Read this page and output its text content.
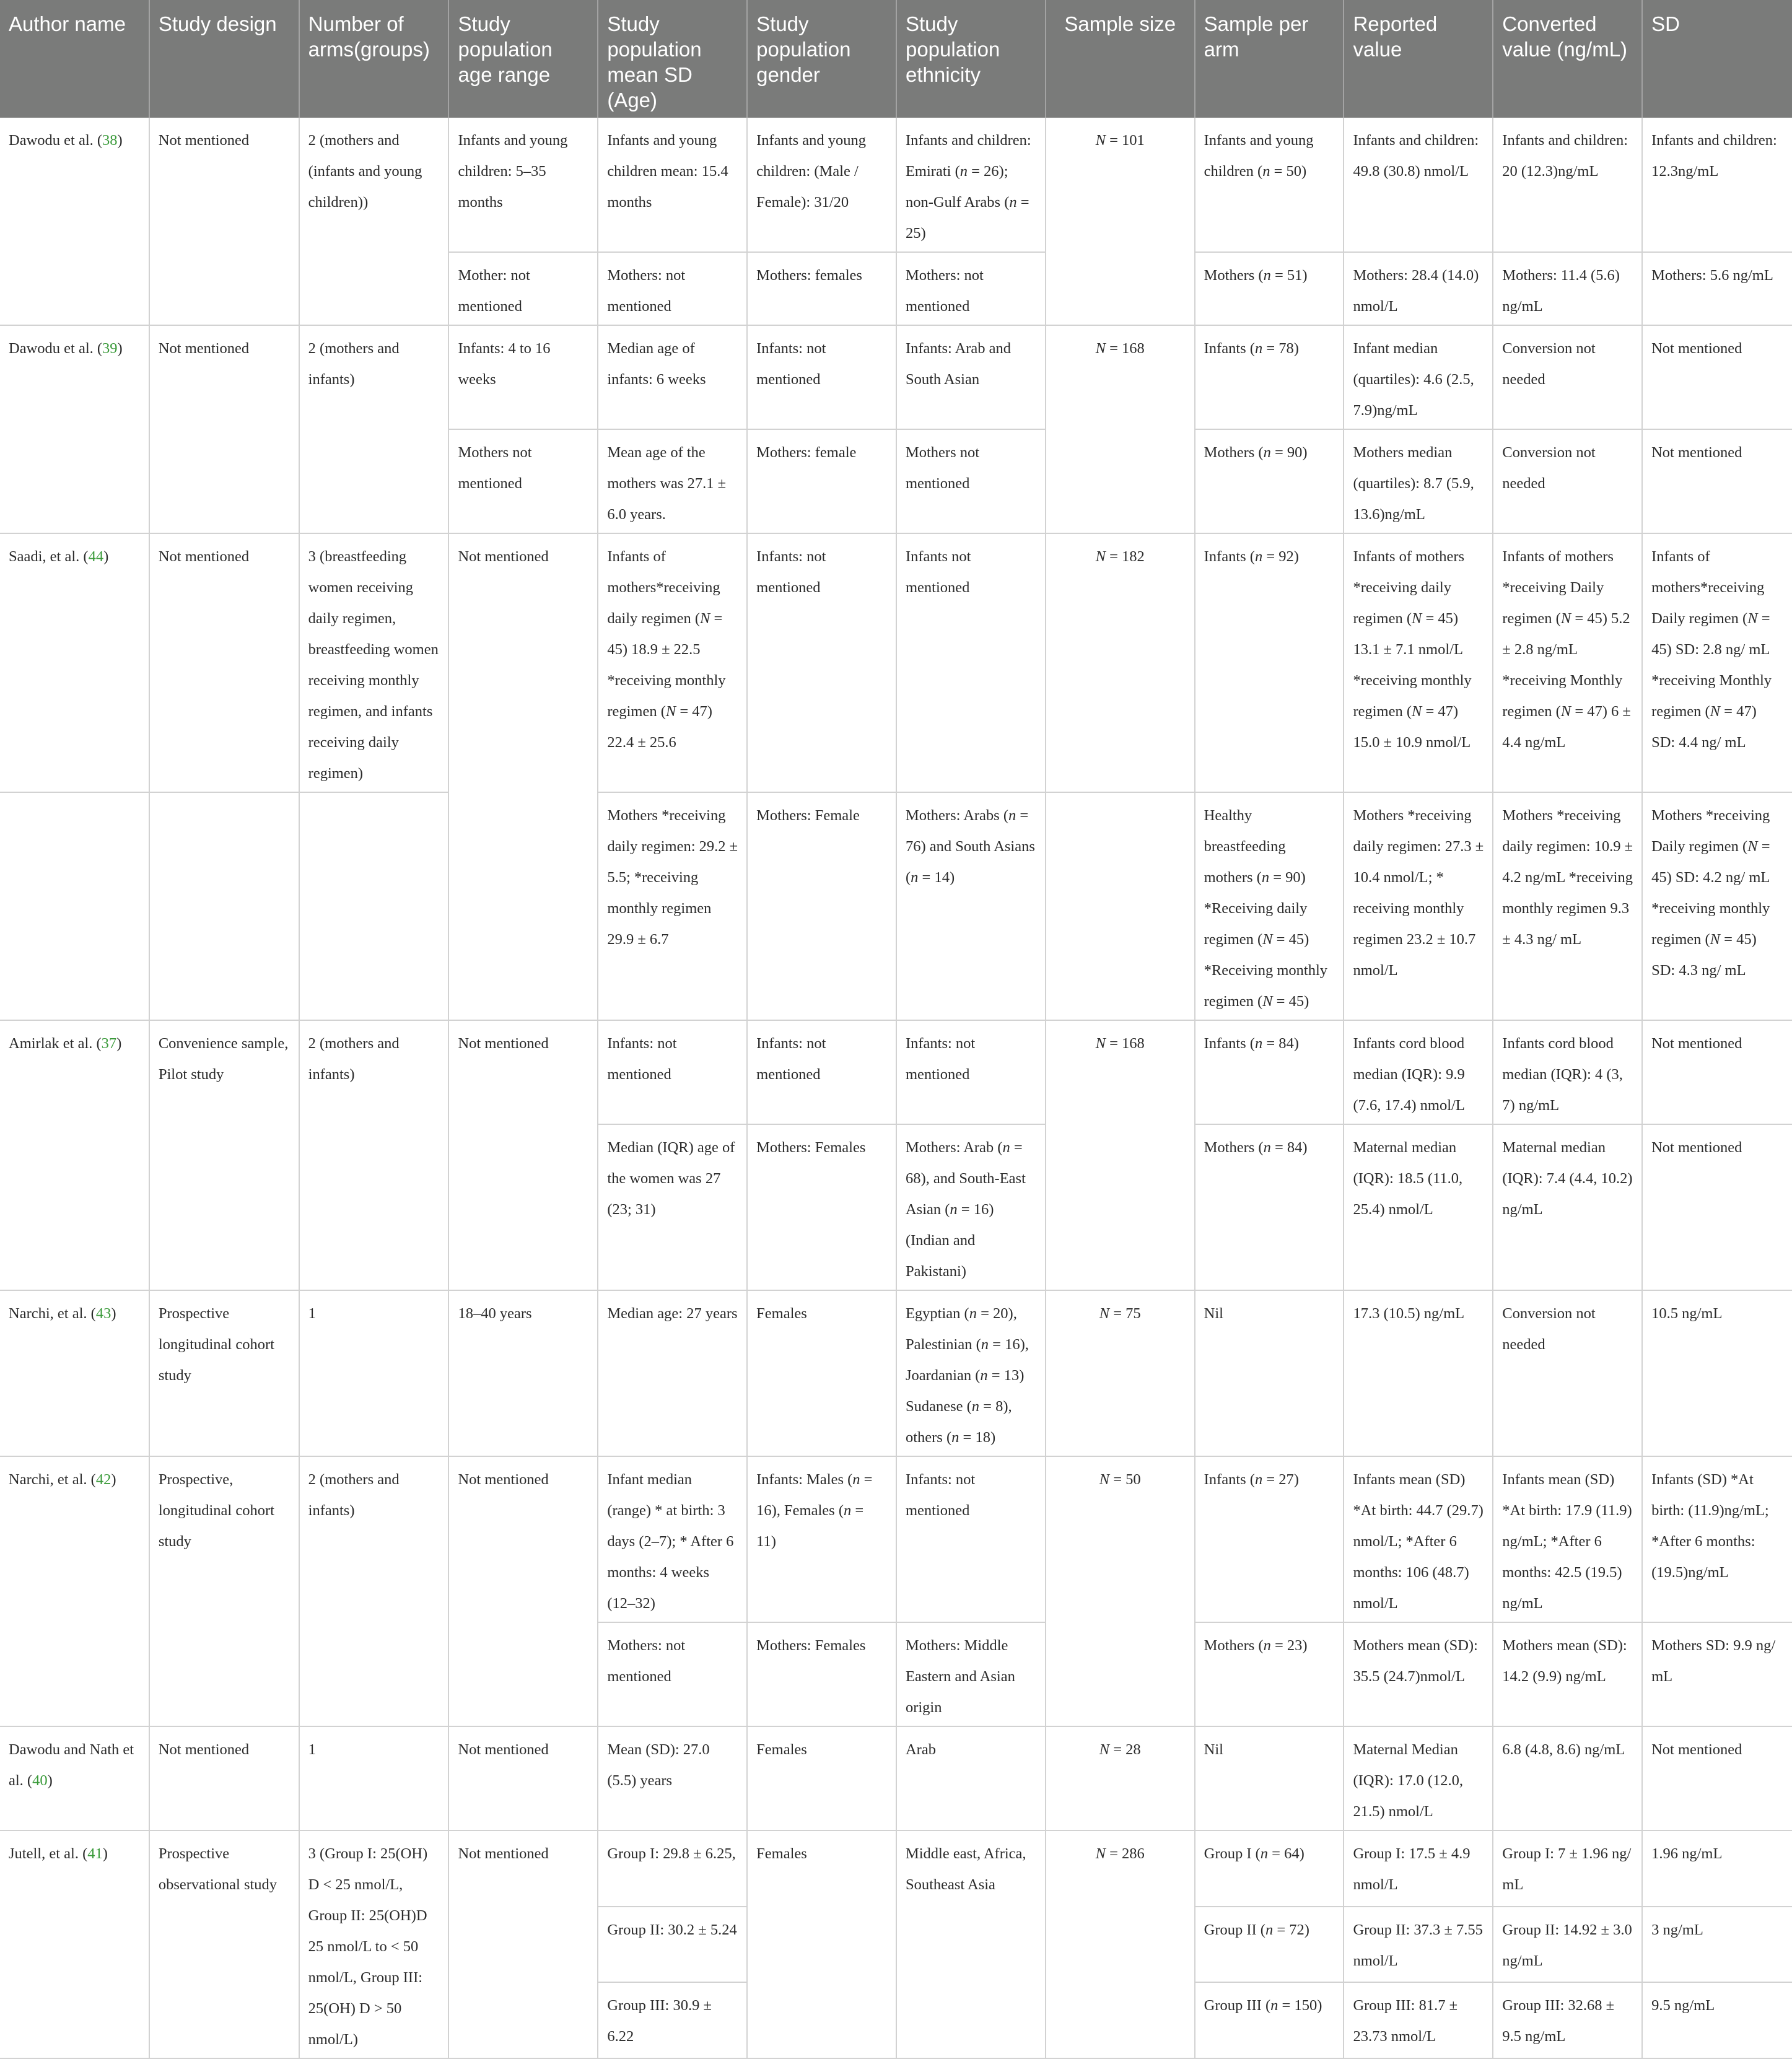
Author name	Study design	Number of arms(groups)	Study population age range	Study population mean SD (Age)	Study population gender	Study population ethnicity	Sample size	Sample per arm	Reported value	Converted value (ng/mL)	SD
Dawodu et al. (38)	Not mentioned	2 (mothers and (infants and young children))	Infants and young children: 5–35 months	Infants and young children mean: 15.4 months	Infants and young children: (Male / Female): 31/20	Infants and children: Emirati (n = 26); non-Gulf Arabs (n = 25)	N = 101	Infants and young children (n = 50)	Infants and children: 49.8 (30.8) nmol/L	Infants and children: 20 (12.3)ng/mL	Infants and children: 12.3ng/mL
			Mother: not mentioned	Mothers: not mentioned	Mothers: females	Mothers: not mentioned		Mothers (n = 51)	Mothers: 28.4 (14.0) nmol/L	Mothers: 11.4 (5.6) ng/mL	Mothers: 5.6 ng/mL
Dawodu et al. (39)	Not mentioned	2 (mothers and infants)	Infants: 4 to 16 weeks	Median age of infants: 6 weeks	Infants: not mentioned	Infants: Arab and South Asian	N = 168	Infants (n = 78)	Infant median (quartiles): 4.6 (2.5, 7.9)ng/mL	Conversion not needed	Not mentioned
			Mothers not mentioned	Mean age of the mothers was 27.1 ± 6.0 years.	Mothers: female	Mothers not mentioned		Mothers (n = 90)	Mothers median (quartiles): 8.7 (5.9, 13.6)ng/mL	Conversion not needed	Not mentioned
Saadi, et al. (44)	Not mentioned	3 (breastfeeding women receiving daily regimen, breastfeeding women receiving monthly regimen, and infants receiving daily regimen)	Not mentioned	Infants of mothers*receiving daily regimen (N = 45) 18.9 ± 22.5 *receiving monthly regimen (N = 47) 22.4 ± 25.6	Infants: not mentioned	Infants not mentioned	N = 182	Infants (n = 92)	Infants of mothers *receiving daily regimen (N = 45) 13.1 ± 7.1 nmol/L *receiving monthly regimen (N = 47) 15.0 ± 10.9 nmol/L	Infants of mothers *receiving Daily regimen (N = 45) 5.2 ± 2.8 ng/mL *receiving Monthly regimen (N = 47) 6 ± 4.4 ng/mL	Infants of mothers*receiving Daily regimen (N = 45) SD: 2.8 ng/ mL *receiving Monthly regimen (N = 47) SD: 4.4 ng/ mL
				Mothers *receiving daily regimen: 29.2 ± 5.5; *receiving monthly regimen 29.9 ± 6.7	Mothers: Female	Mothers: Arabs (n = 76) and South Asians (n = 14)		Healthy breastfeeding mothers (n = 90) *Receiving daily regimen (N = 45) *Receiving monthly regimen (N = 45)	Mothers *receiving daily regimen: 27.3 ± 10.4 nmol/L; * receiving monthly regimen 23.2 ± 10.7 nmol/L	Mothers *receiving daily regimen: 10.9 ± 4.2 ng/mL *receiving monthly regimen 9.3 ± 4.3 ng/ mL	Mothers *receiving Daily regimen (N = 45) SD: 4.2 ng/ mL *receiving monthly regimen (N = 45) SD: 4.3 ng/ mL
Amirlak et al. (37)	Convenience sample, Pilot study	2 (mothers and infants)	Not mentioned	Infants: not mentioned	Infants: not mentioned	Infants: not mentioned	N = 168	Infants (n = 84)	Infants cord blood median (IQR): 9.9 (7.6, 17.4) nmol/L	Infants cord blood median (IQR): 4 (3, 7) ng/mL	Not mentioned
				Median (IQR) age of the women was 27 (23; 31)	Mothers: Females	Mothers: Arab (n = 68), and South-East Asian (n = 16) (Indian and Pakistani)		Mothers (n = 84)	Maternal median (IQR): 18.5 (11.0, 25.4) nmol/L	Maternal median (IQR): 7.4 (4.4, 10.2) ng/mL	Not mentioned
Narchi, et al. (43)	Prospective longitudinal cohort study	1	18–40 years	Median age: 27 years	Females	Egyptian (n = 20), Palestinian (n = 16), Joardanian (n = 13) Sudanese (n = 8), others (n = 18)	N = 75	Nil	17.3 (10.5) ng/mL	Conversion not needed	10.5 ng/mL
Narchi, et al. (42)	Prospective, longitudinal cohort study	2 (mothers and infants)	Not mentioned	Infant median (range) * at birth: 3 days (2–7); * After 6 months: 4 weeks (12–32)	Infants: Males (n = 16), Females (n = 11)	Infants: not mentioned	N = 50	Infants (n = 27)	Infants mean (SD) *At birth: 44.7 (29.7) nmol/L; *After 6 months: 106 (48.7) nmol/L	Infants mean (SD) *At birth: 17.9 (11.9) ng/mL; *After 6 months: 42.5 (19.5) ng/mL	Infants (SD) *At birth: (11.9)ng/mL; *After 6 months: (19.5)ng/mL
				Mothers: not mentioned	Mothers: Females	Mothers: Middle Eastern and Asian origin		Mothers (n = 23)	Mothers mean (SD): 35.5 (24.7)nmol/L	Mothers mean (SD): 14.2 (9.9) ng/mL	Mothers SD: 9.9 ng/ mL
Dawodu and Nath et al. (40)	Not mentioned	1	Not mentioned	Mean (SD): 27.0 (5.5) years	Females	Arab	N = 28	Nil	Maternal Median (IQR): 17.0 (12.0, 21.5) nmol/L	6.8 (4.8, 8.6) ng/mL	Not mentioned
Jutell, et al. (41)	Prospective observational study	3 (Group I: 25(OH) D < 25 nmol/L, Group II: 25(OH)D 25 nmol/L to < 50 nmol/L, Group III: 25(OH) D > 50 nmol/L)	Not mentioned	Group I: 29.8 ± 6.25,	Females	Middle east, Africa, Southeast Asia	N = 286	Group I (n = 64)	Group I: 17.5 ± 4.9 nmol/L	Group I: 7 ± 1.96 ng/ mL	1.96 ng/mL
				Group II: 30.2 ± 5.24				Group II (n = 72)	Group II: 37.3 ± 7.55 nmol/L	Group II: 14.92 ± 3.0 ng/mL	3 ng/mL
				Group III: 30.9 ± 6.22				Group III (n = 150)	Group III: 81.7 ± 23.73 nmol/L	Group III: 32.68 ± 9.5 ng/mL	9.5 ng/mL
